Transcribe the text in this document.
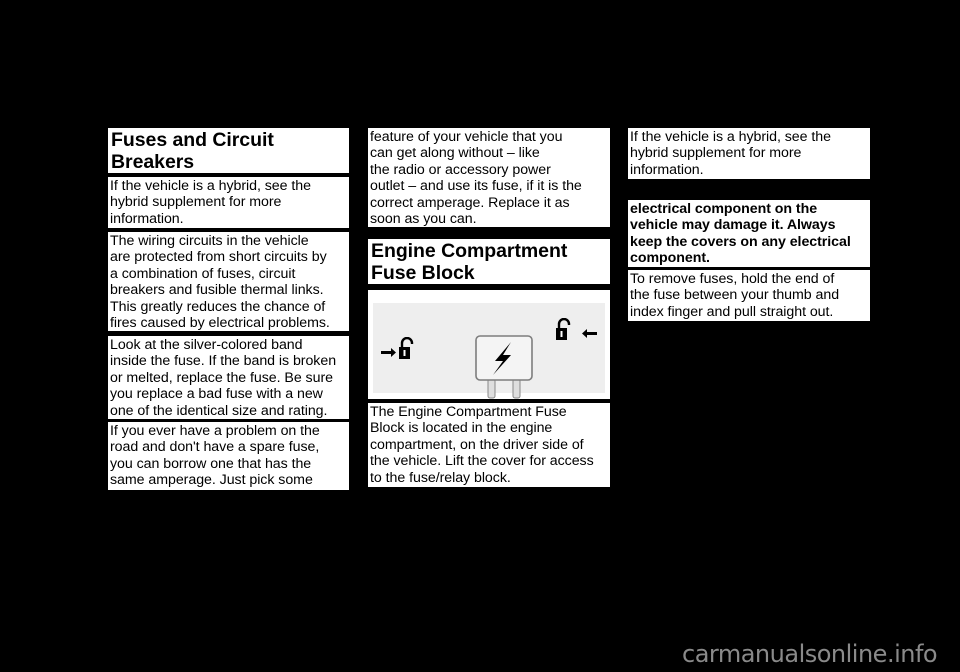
Fuses and Circuit

Breakers

If the vehicle is a hybrid, see the

hybrid supplement for more

information.

The wiring circuits in the vehicle

are protected from short circuits by

a combination of fuses, circuit

breakers and fusible thermal links.

This greatly reduces the chance of

fires caused by electrical problems.

Look at the silver-colored band

inside the fuse. If the band is broken

or melted, replace the fuse. Be sure

you replace a bad fuse with a new

one of the identical size and rating.

If you ever have a problem on the

road and don't have a spare fuse,

you can borrow one that has the

same amperage. Just pick some

feature of your vehicle that you

can get along without – like

the radio or accessory power

outlet – and use its fuse, if it is the

correct amperage. Replace it as

soon as you can.

Engine Compartment

Fuse Block

The Engine Compartment Fuse

Block is located in the engine

compartment, on the driver side of

the vehicle. Lift the cover for access

to the fuse/relay block.

If the vehicle is a hybrid, see the

hybrid supplement for more

information.

electrical component on the

vehicle may damage it. Always

keep the covers on any electrical

component.

To remove fuses, hold the end of

the fuse between your thumb and

index finger and pull straight out.

carmanualsonline.info
